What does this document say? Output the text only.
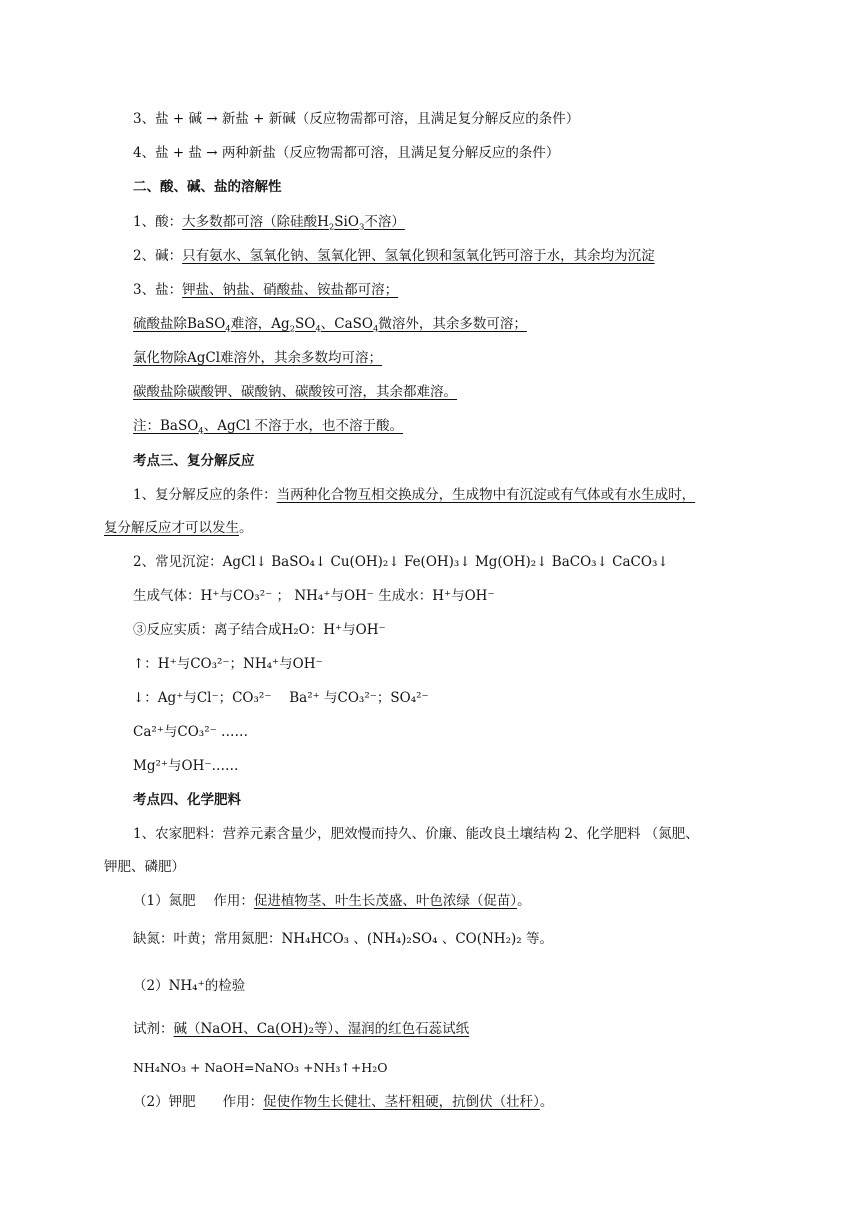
3、盐 + 碱 → 新盐 + 新碱（反应物需都可溶，且满足复分解反应的条件）
4、盐 + 盐 → 两种新盐（反应物需都可溶，且满足复分解反应的条件）
二、酸、碱、盐的溶解性
1、酸：大多数都可溶（除硅酸$H_2SiO_3$不溶）
2、碱：只有氨水、氢氧化钠、氢氧化钾、氢氧化钡和氢氧化钙可溶于水，其余均为沉淀
3、盐：钾盐、钠盐、硝酸盐、铵盐都可溶；
硫酸盐除BaSO$_4$难溶，$Ag_2SO_4$、CaSO$_4$微溶外，其余多数可溶；
氯化物除AgCl难溶外，其余多数均可溶；
碳酸盐除碳酸钾、碳酸钠、碳酸铵可溶，其余都难溶。
注：BaSO$_4$、AgCl 不溶于水，也不溶于酸。
考点三、复分解反应
1、复分解反应的条件：当两种化合物互相交换成分，生成物中有沉淀或有气体或有水生成时，
复分解反应才可以发生。
2、常见沉淀：AgCl↓ BaSO₄↓ Cu(OH)₂↓ Fe(OH)₃↓ Mg(OH)₂↓ BaCO₃↓ CaCO₃↓
生成气体：H⁺与CO₃²⁻ ； NH₄⁺与OH⁻ 生成水：H⁺与OH⁻
③反应实质：离子结合成H₂O：H⁺与OH⁻
↑：H⁺与CO₃²⁻；NH₄⁺与OH⁻
↓：Ag⁺与Cl⁻；CO₃²⁻　 Ba²⁺ 与CO₃²⁻；SO₄²⁻
Ca²⁺与CO₃²⁻ ……
Mg²⁺与OH⁻……
考点四、化学肥料
1、农家肥料：营养元素含量少，肥效慢而持久、价廉、能改良土壤结构 2、化学肥料 （氮肥、
钾肥、磷肥）
（1）氮肥　 作用：促进植物茎、叶生长茂盛、叶色浓绿（促苗）。
缺氮：叶黄；常用氮肥：NH₄HCO₃ 、(NH₄)₂SO₄ 、CO(NH₂)₂ 等。
（2）NH₄⁺的检验
试剂：碱（NaOH、Ca(OH)₂等）、湿润的红色石蕊试纸
NH₄NO₃ + NaOH=NaNO₃ +NH₃↑+H₂O
（2）钾肥　　作用：促使作物生长健壮、茎杆粗硬，抗倒伏（壮秆）。
